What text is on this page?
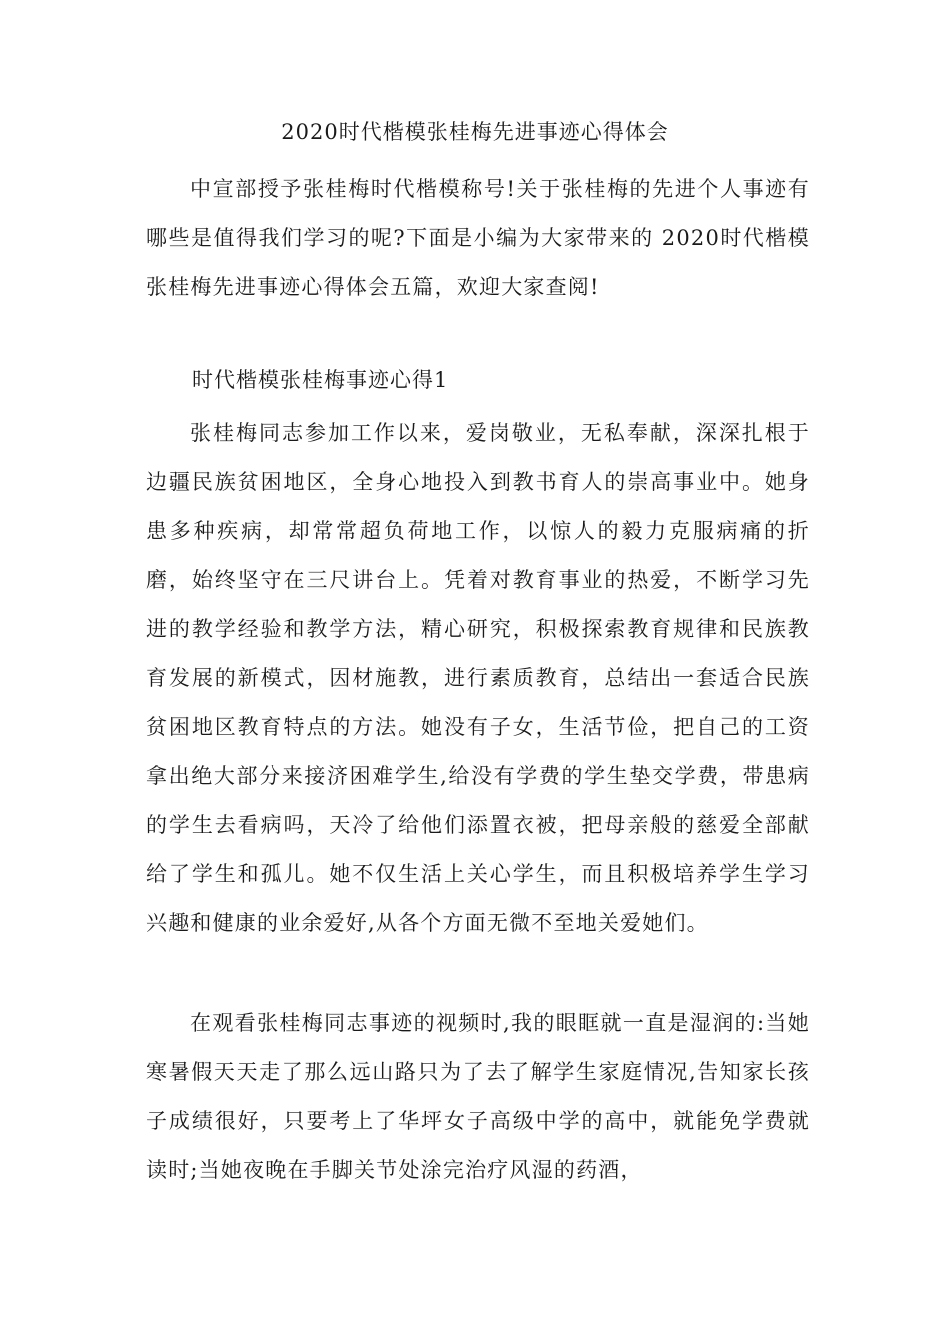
2020时代楷模张桂梅先进事迹心得体会

中宣部授予张桂梅时代楷模称号!关于张桂梅的先进个人事迹有哪些是值得我们学习的呢?下面是小编为大家带来的 2020时代楷模张桂梅先进事迹心得体会五篇，欢迎大家查阅!

时代楷模张桂梅事迹心得1

张桂梅同志参加工作以来，爱岗敬业，无私奉献，深深扎根于边疆民族贫困地区，全身心地投入到教书育人的崇高事业中。她身患多种疾病，却常常超负荷地工作，以惊人的毅力克服病痛的折磨，始终坚守在三尺讲台上。凭着对教育事业的热爱，不断学习先进的教学经验和教学方法，精心研究，积极探索教育规律和民族教育发展的新模式，因材施教，进行素质教育，总结出一套适合民族贫困地区教育特点的方法。她没有子女，生活节俭，把自己的工资拿出绝大部分来接济困难学生,给没有学费的学生垫交学费，带患病的学生去看病吗，天冷了给他们添置衣被，把母亲般的慈爱全部献给了学生和孤儿。她不仅生活上关心学生，而且积极培养学生学习兴趣和健康的业余爱好,从各个方面无微不至地关爱她们。

在观看张桂梅同志事迹的视频时,我的眼眶就一直是湿润的:当她寒暑假天天走了那么远山路只为了去了解学生家庭情况,告知家长孩子成绩很好，只要考上了华坪女子高级中学的高中，就能免学费就读时;当她夜晚在手脚关节处涂完治疗风湿的药酒，
